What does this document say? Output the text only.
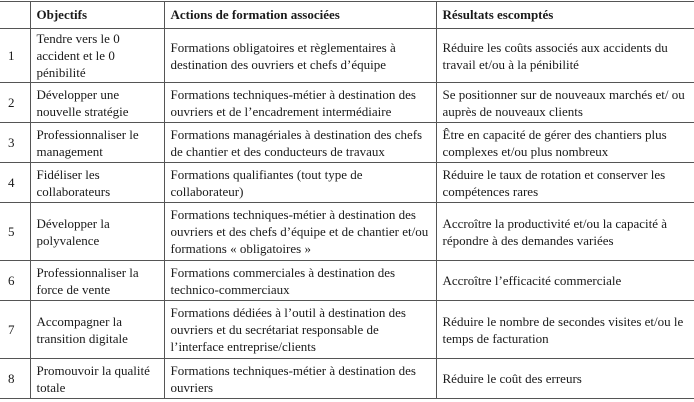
	Objectifs	Actions de formation associées	Résultats escomptés
1	Tendre vers le 0 accident et le 0 pénibilité	Formations obligatoires et règlementaires à destination des ouvriers et chefs d’équipe	Réduire les coûts associés aux accidents du travail et/ou à la pénibilité
2	Développer une nouvelle stratégie	Formations techniques-métier à destination des ouvriers et de l’encadrement intermédiaire	Se positionner sur de nouveaux marchés et/ ou auprès de nouveaux clients
3	Professionnaliser le management	Formations managériales à destination des chefs de chantier et des conducteurs de travaux	Être en capacité de gérer des chantiers plus complexes et/ou plus nombreux
4	Fidéliser les collaborateurs	Formations qualifiantes (tout type de collaborateur)	Réduire le taux de rotation et conserver les compétences rares
5	Développer la polyvalence	Formations techniques-métier à destination des ouvriers et des chefs d’équipe et de chantier et/ou formations « obligatoires »	Accroître la productivité et/ou la capacité à répondre à des demandes variées
6	Professionnaliser la force de vente	Formations commerciales à destination des technico-commerciaux	Accroître l’efficacité commerciale
7	Accompagner la transition digitale	Formations dédiées à l’outil à destination des ouvriers et du secrétariat responsable de l’interface entreprise/clients	Réduire le nombre de secondes visites et/ou le temps de facturation
8	Promouvoir la qualité totale	Formations techniques-métier à destination des ouvriers	Réduire le coût des erreurs
